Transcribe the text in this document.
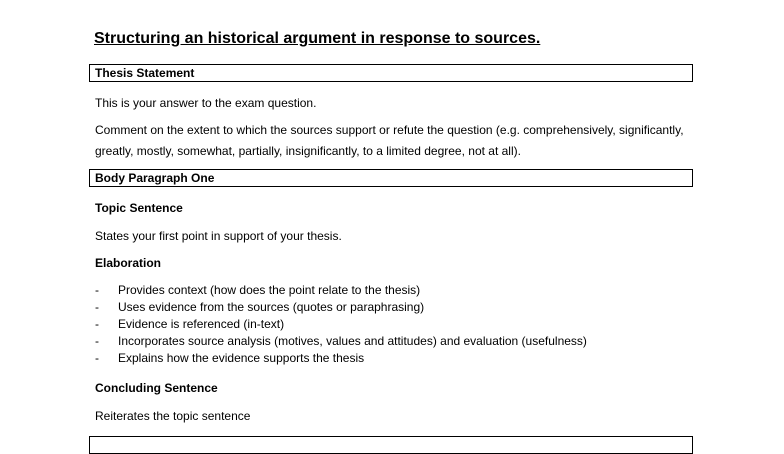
Structuring an historical argument in response to sources.
Thesis Statement
This is your answer to the exam question.
Comment on the extent to which the sources support or refute the question (e.g. comprehensively, significantly, greatly, mostly, somewhat, partially, insignificantly, to a limited degree, not at all).
Body Paragraph One
Topic Sentence
States your first point in support of your thesis.
Elaboration
- Provides context (how does the point relate to the thesis)
- Uses evidence from the sources (quotes or paraphrasing)
- Evidence is referenced (in-text)
- Incorporates source analysis (motives, values and attitudes) and evaluation (usefulness)
- Explains how the evidence supports the thesis
Concluding Sentence
Reiterates the topic sentence
